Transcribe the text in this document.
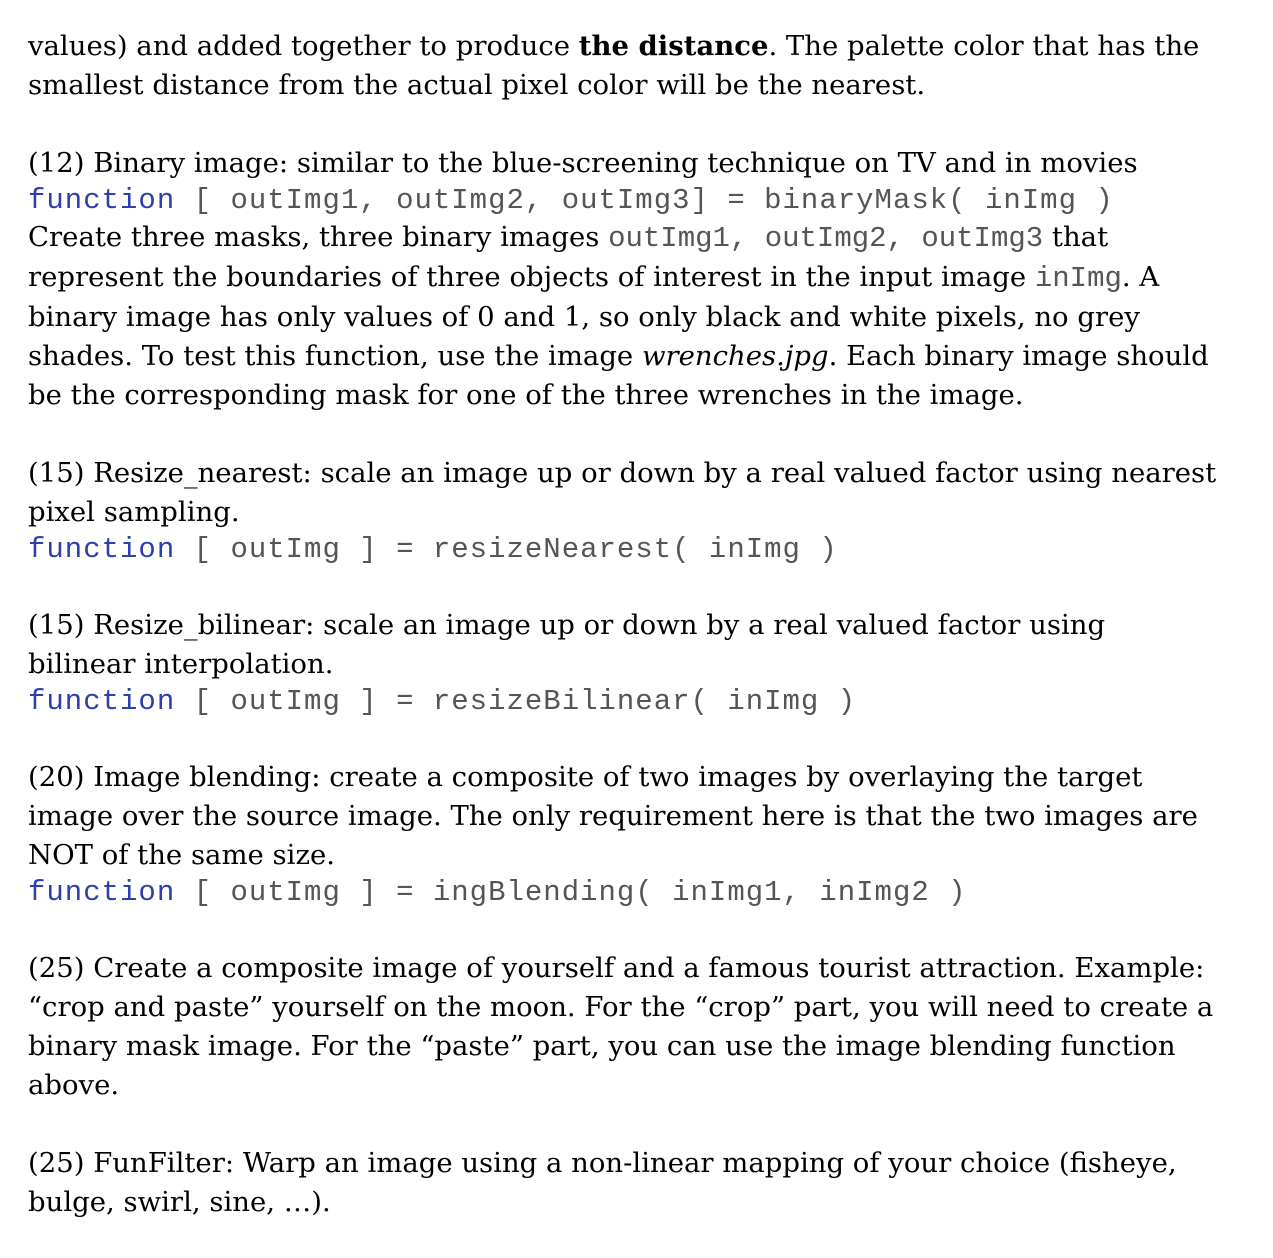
values) and added together to produce the distance. The palette color that has the

smallest distance from the actual pixel color will be the nearest.

(12) Binary image: similar to the blue-screening technique on TV and in movies

function [ outImg1, outImg2, outImg3] = binaryMask( inImg )

Create three masks, three binary images outImg1, outImg2, outImg3 that

represent the boundaries of three objects of interest in the input image inImg. A

binary image has only values of 0 and 1, so only black and white pixels, no grey

shades. To test this function, use the image wrenches.jpg. Each binary image should

be the corresponding mask for one of the three wrenches in the image.

(15) Resize_nearest: scale an image up or down by a real valued factor using nearest

pixel sampling.

function [ outImg ] = resizeNearest( inImg )

(15) Resize_bilinear: scale an image up or down by a real valued factor using

bilinear interpolation.

function [ outImg ] = resizeBilinear( inImg )

(20) Image blending: create a composite of two images by overlaying the target

image over the source image. The only requirement here is that the two images are

NOT of the same size.

function [ outImg ] = ingBlending( inImg1, inImg2 )

(25) Create a composite image of yourself and a famous tourist attraction. Example:

“crop and paste” yourself on the moon. For the “crop” part, you will need to create a

binary mask image. For the “paste” part, you can use the image blending function

above.

(25) FunFilter: Warp an image using a non-linear mapping of your choice (fisheye,

bulge, swirl, sine, …).
